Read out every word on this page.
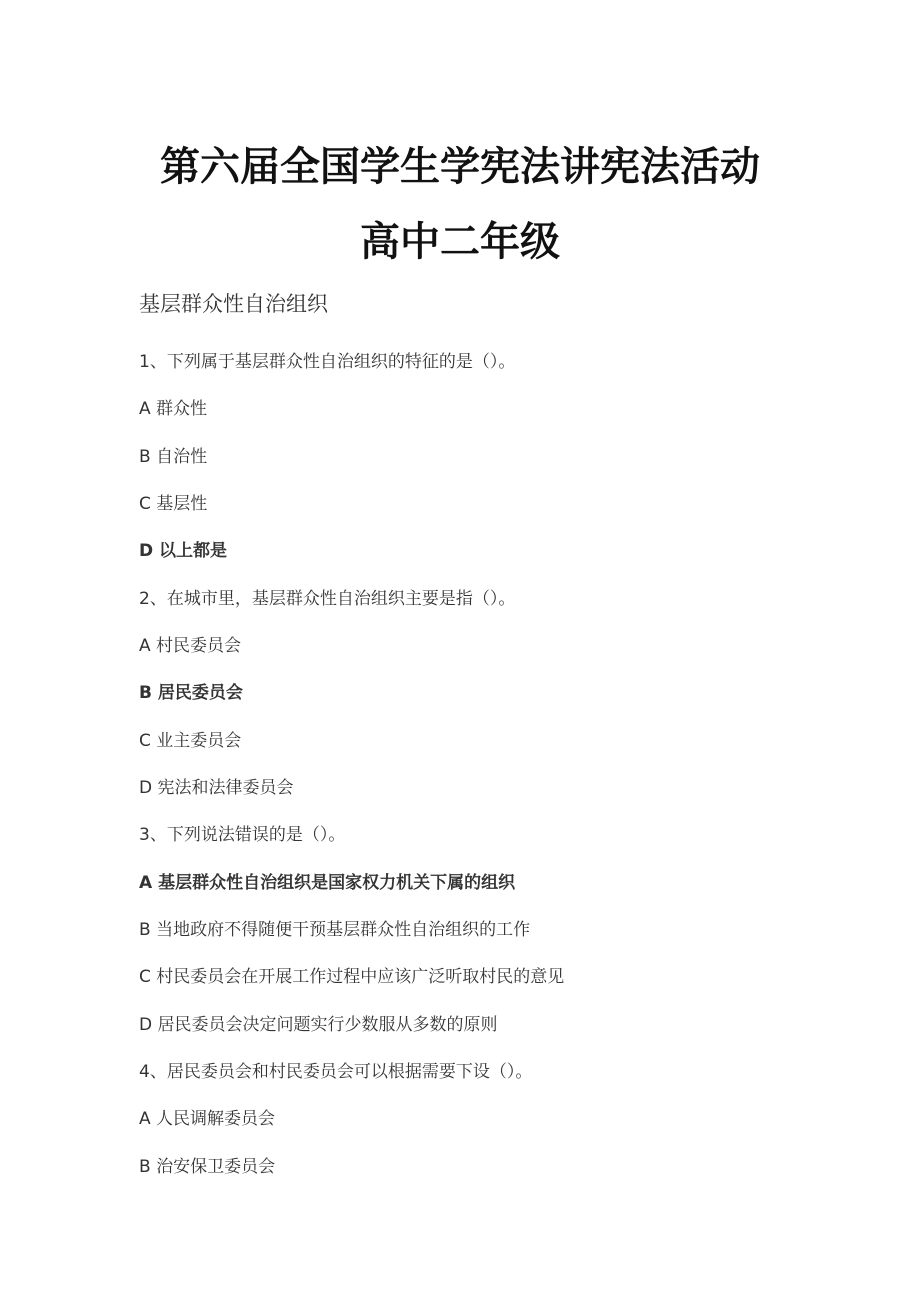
第六届全国学生学宪法讲宪法活动
高中二年级
基层群众性自治组织
1、下列属于基层群众性自治组织的特征的是（）。
A 群众性
B 自治性
C 基层性
D 以上都是
2、在城市里，基层群众性自治组织主要是指（）。
A 村民委员会
B 居民委员会
C 业主委员会
D 宪法和法律委员会
3、下列说法错误的是（）。
A 基层群众性自治组织是国家权力机关下属的组织
B 当地政府不得随便干预基层群众性自治组织的工作
C 村民委员会在开展工作过程中应该广泛听取村民的意见
D 居民委员会决定问题实行少数服从多数的原则
4、居民委员会和村民委员会可以根据需要下设（）。
A 人民调解委员会
B 治安保卫委员会
